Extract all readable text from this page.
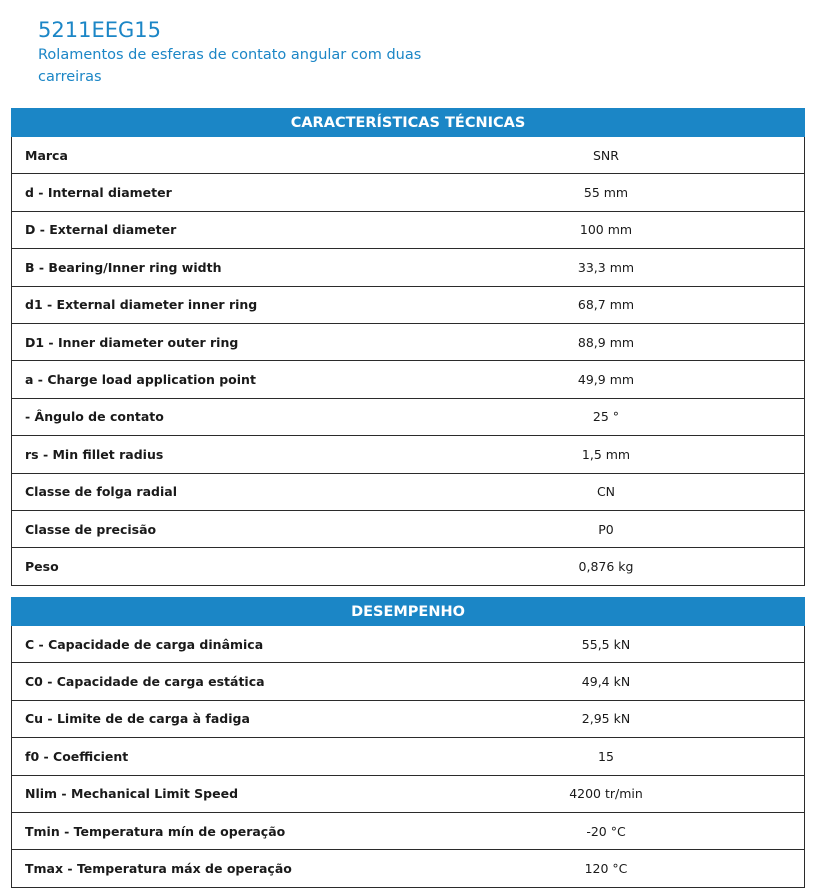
5211EEG15
Rolamentos de esferas de contato angular com duas carreiras
CARACTERÍSTICAS TÉCNICAS	
Marca	SNR
d - Internal diameter	55 mm
D - External diameter	100 mm
B - Bearing/Inner ring width	33,3 mm
d1 - External diameter inner ring	68,7 mm
D1 - Inner diameter outer ring	88,9 mm
a - Charge load application point	49,9 mm
- Ângulo de contato	25 °
rs - Min fillet radius	1,5 mm
Classe de folga radial	CN
Classe de precisão	P0
Peso	0,876 kg
DESEMPENHO	
C - Capacidade de carga dinâmica	55,5 kN
C0 - Capacidade de carga estática	49,4 kN
Cu - Limite de de carga à fadiga	2,95 kN
f0 - Coefficient	15
Nlim - Mechanical Limit Speed	4200 tr/min
Tmin - Temperatura mín de operação	-20 °C
Tmax - Temperatura máx de operação	120 °C
